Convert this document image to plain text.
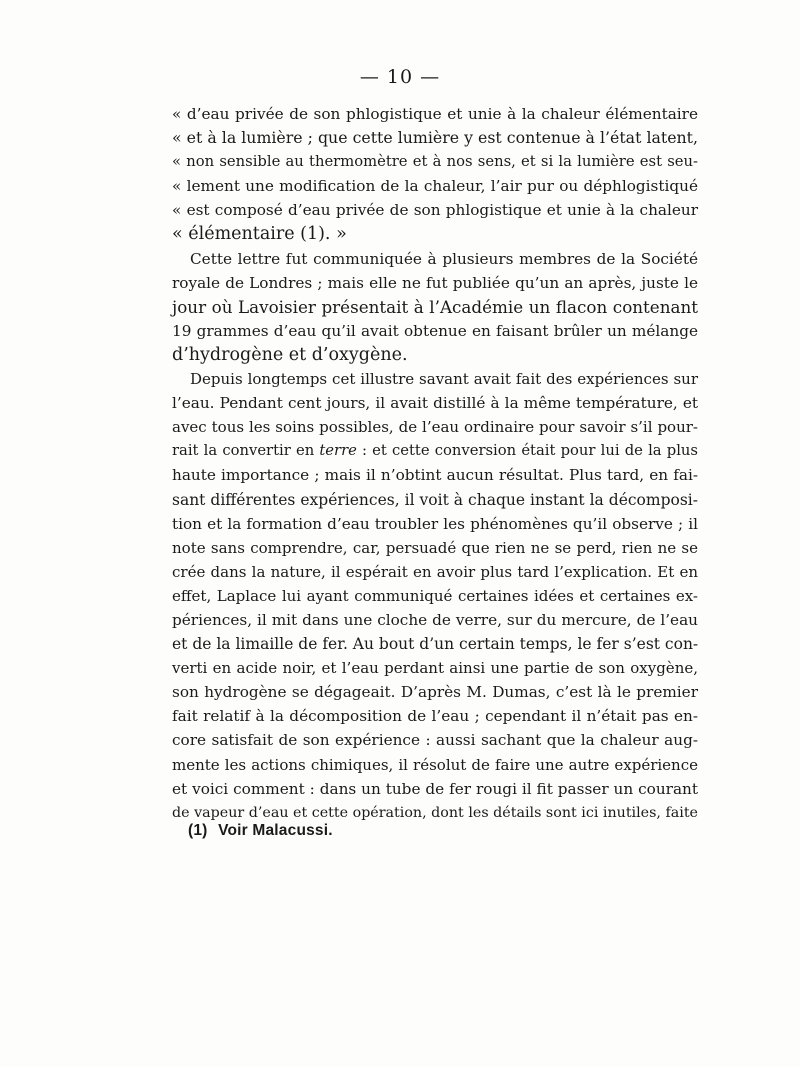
— 10 —
« d’eau privée de son phlogistique et unie à la chaleur élémentaire
« et à la lumière ; que cette lumière y est contenue à l’état latent,
« non sensible au thermomètre et à nos sens, et si la lumière est seu-
« lement une modification de la chaleur, l’air pur ou déphlogistiqué
« est composé d’eau privée de son phlogistique et unie à la chaleur
« élémentaire (1). »
Cette lettre fut communiquée à plusieurs membres de la Société
royale de Londres ; mais elle ne fut publiée qu’un an après, juste le
jour où Lavoisier présentait à l’Académie un flacon contenant
19 grammes d’eau qu’il avait obtenue en faisant brûler un mélange
d’hydrogène et d’oxygène.
Depuis longtemps cet illustre savant avait fait des expériences sur
l’eau. Pendant cent jours, il avait distillé à la même température, et
avec tous les soins possibles, de l’eau ordinaire pour savoir s’il pour-
rait la convertir en terre : et cette conversion était pour lui de la plus
haute importance ; mais il n’obtint aucun résultat. Plus tard, en fai-
sant différentes expériences, il voit à chaque instant la décomposi-
tion et la formation d’eau troubler les phénomènes qu’il observe ; il
note sans comprendre, car, persuadé que rien ne se perd, rien ne se
crée dans la nature, il espérait en avoir plus tard l’explication. Et en
effet, Laplace lui ayant communiqué certaines idées et certaines ex-
périences, il mit dans une cloche de verre, sur du mercure, de l’eau
et de la limaille de fer. Au bout d’un certain temps, le fer s’est con-
verti en acide noir, et l’eau perdant ainsi une partie de son oxygène,
son hydrogène se dégageait. D’après M. Dumas, c’est là le premier
fait relatif à la décomposition de l’eau ; cependant il n’était pas en-
core satisfait de son expérience : aussi sachant que la chaleur aug-
mente les actions chimiques, il résolut de faire une autre expérience
et voici comment : dans un tube de fer rougi il fit passer un courant
de vapeur d’eau et cette opération, dont les détails sont ici inutiles, faite
(1) Voir Malacussi.
